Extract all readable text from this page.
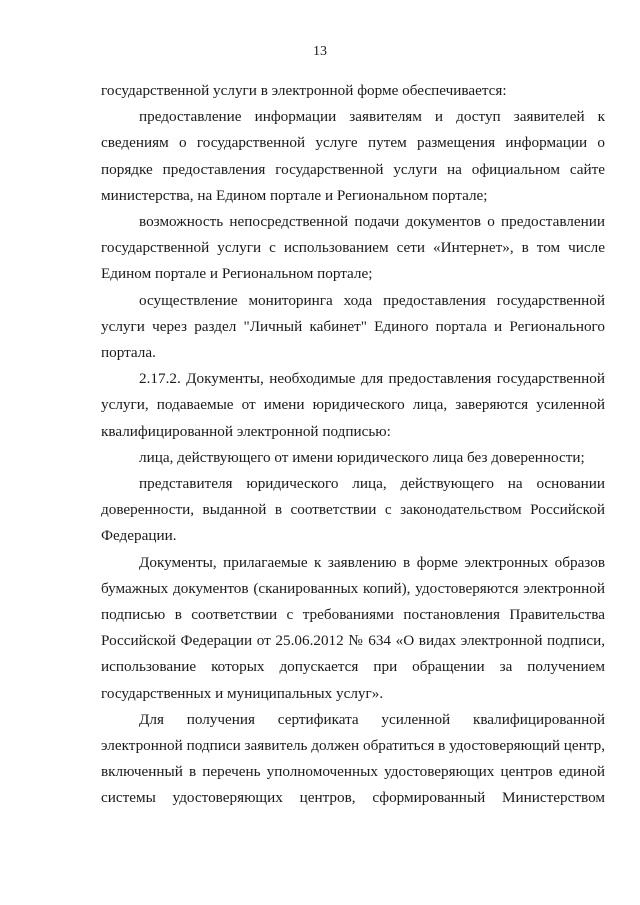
13

государственной услуги в электронной форме обеспечивается:

предоставление информации заявителям и доступ заявителей к сведениям о государственной услуге путем размещения информации о порядке предоставления государственной услуги на официальном сайте министерства, на Едином портале и Региональном портале;

возможность непосредственной подачи документов о предоставлении государственной услуги с использованием сети «Интернет», в том числе Едином портале и Региональном портале;

осуществление мониторинга хода предоставления государственной услуги через раздел "Личный кабинет" Единого портала и Регионального портала.

2.17.2. Документы, необходимые для предоставления государственной услуги, подаваемые от имени юридического лица, заверяются усиленной квалифицированной электронной подписью:

лица, действующего от имени юридического лица без доверенности;

представителя юридического лица, действующего на основании доверенности, выданной в соответствии с законодательством Российской Федерации.

Документы, прилагаемые к заявлению в форме электронных образов бумажных документов (сканированных копий), удостоверяются электронной подписью в соответствии с требованиями постановления Правительства Российской Федерации от 25.06.2012 № 634 «О видах электронной подписи, использование которых допускается при обращении за получением государственных и муниципальных услуг».

Для получения сертификата усиленной квалифицированной электронной подписи заявитель должен обратиться в удостоверяющий центр, включенный в перечень уполномоченных удостоверяющих центров единой системы удостоверяющих центров, сформированный Министерством
